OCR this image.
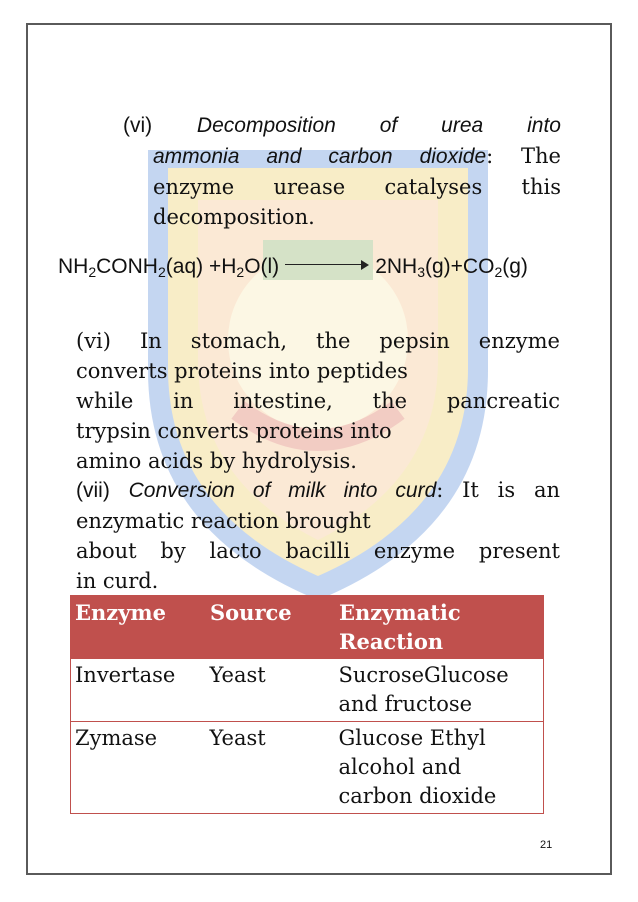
(vi) Decomposition of urea into
ammonia and carbon dioxide: The
enzyme urease catalyses this
decomposition.
$NH_2CONH_2(aq) +H_2O(l)$	$2NH_3(g)+CO_2(g)$
(vi) In stomach, the pepsin enzyme
converts proteins into peptides
while in intestine, the pancreatic
trypsin converts proteins into
amino acids by hydrolysis.
(vii) Conversion of milk into curd: It is an
enzymatic reaction brought
about by lacto bacilli enzyme present
in curd.
Enzyme	Source	Enzymatic
Reaction
Invertase	Yeast	SucroseGlucose
and fructose
Zymase	Yeast	Glucose Ethyl
alcohol and
carbon dioxide
21
